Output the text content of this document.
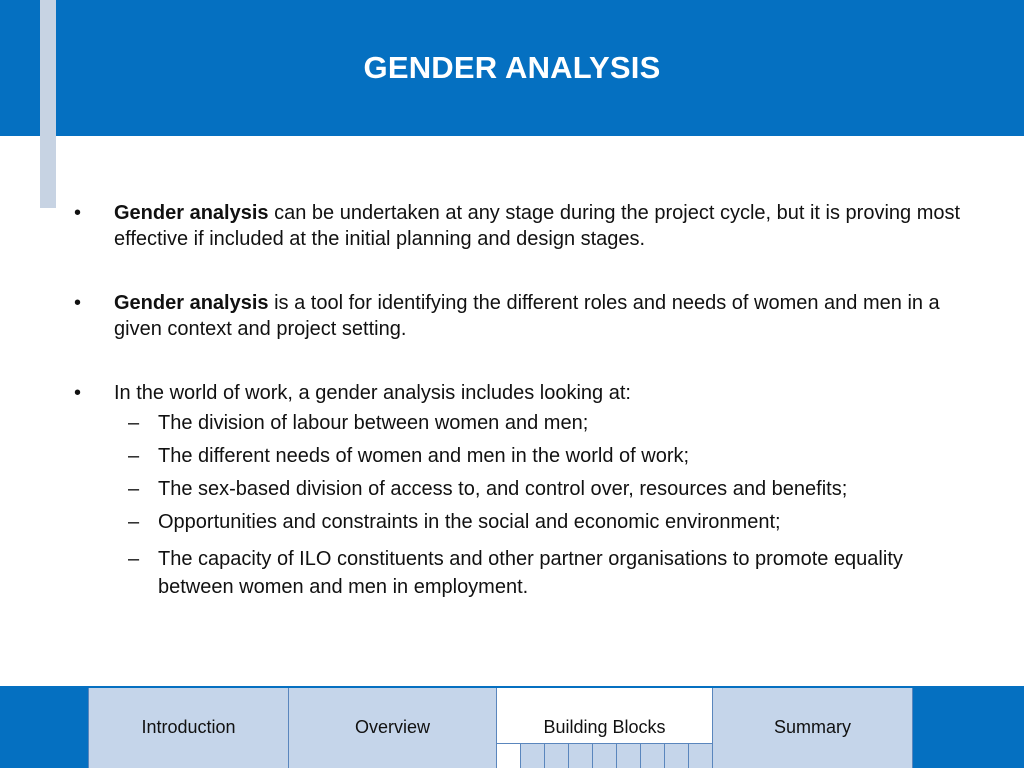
GENDER ANALYSIS

•	Gender analysis can be undertaken at any stage during the project cycle, but it is proving most effective if included at the initial planning and design stages.

•	Gender analysis is a tool for identifying the different roles and needs of women and men in a given context and project setting.

•	In the world of work, a gender analysis includes looking at:

– The division of labour between women and men;

– The different needs of women and men in the world of work;

– The sex-based division of access to, and control over, resources and benefits;

– Opportunities and constraints in the social and economic environment;

– The capacity of ILO constituents and other partner organisations to promote equality between women and men in employment.

Introduction	Overview	Building Blocks	Summary
